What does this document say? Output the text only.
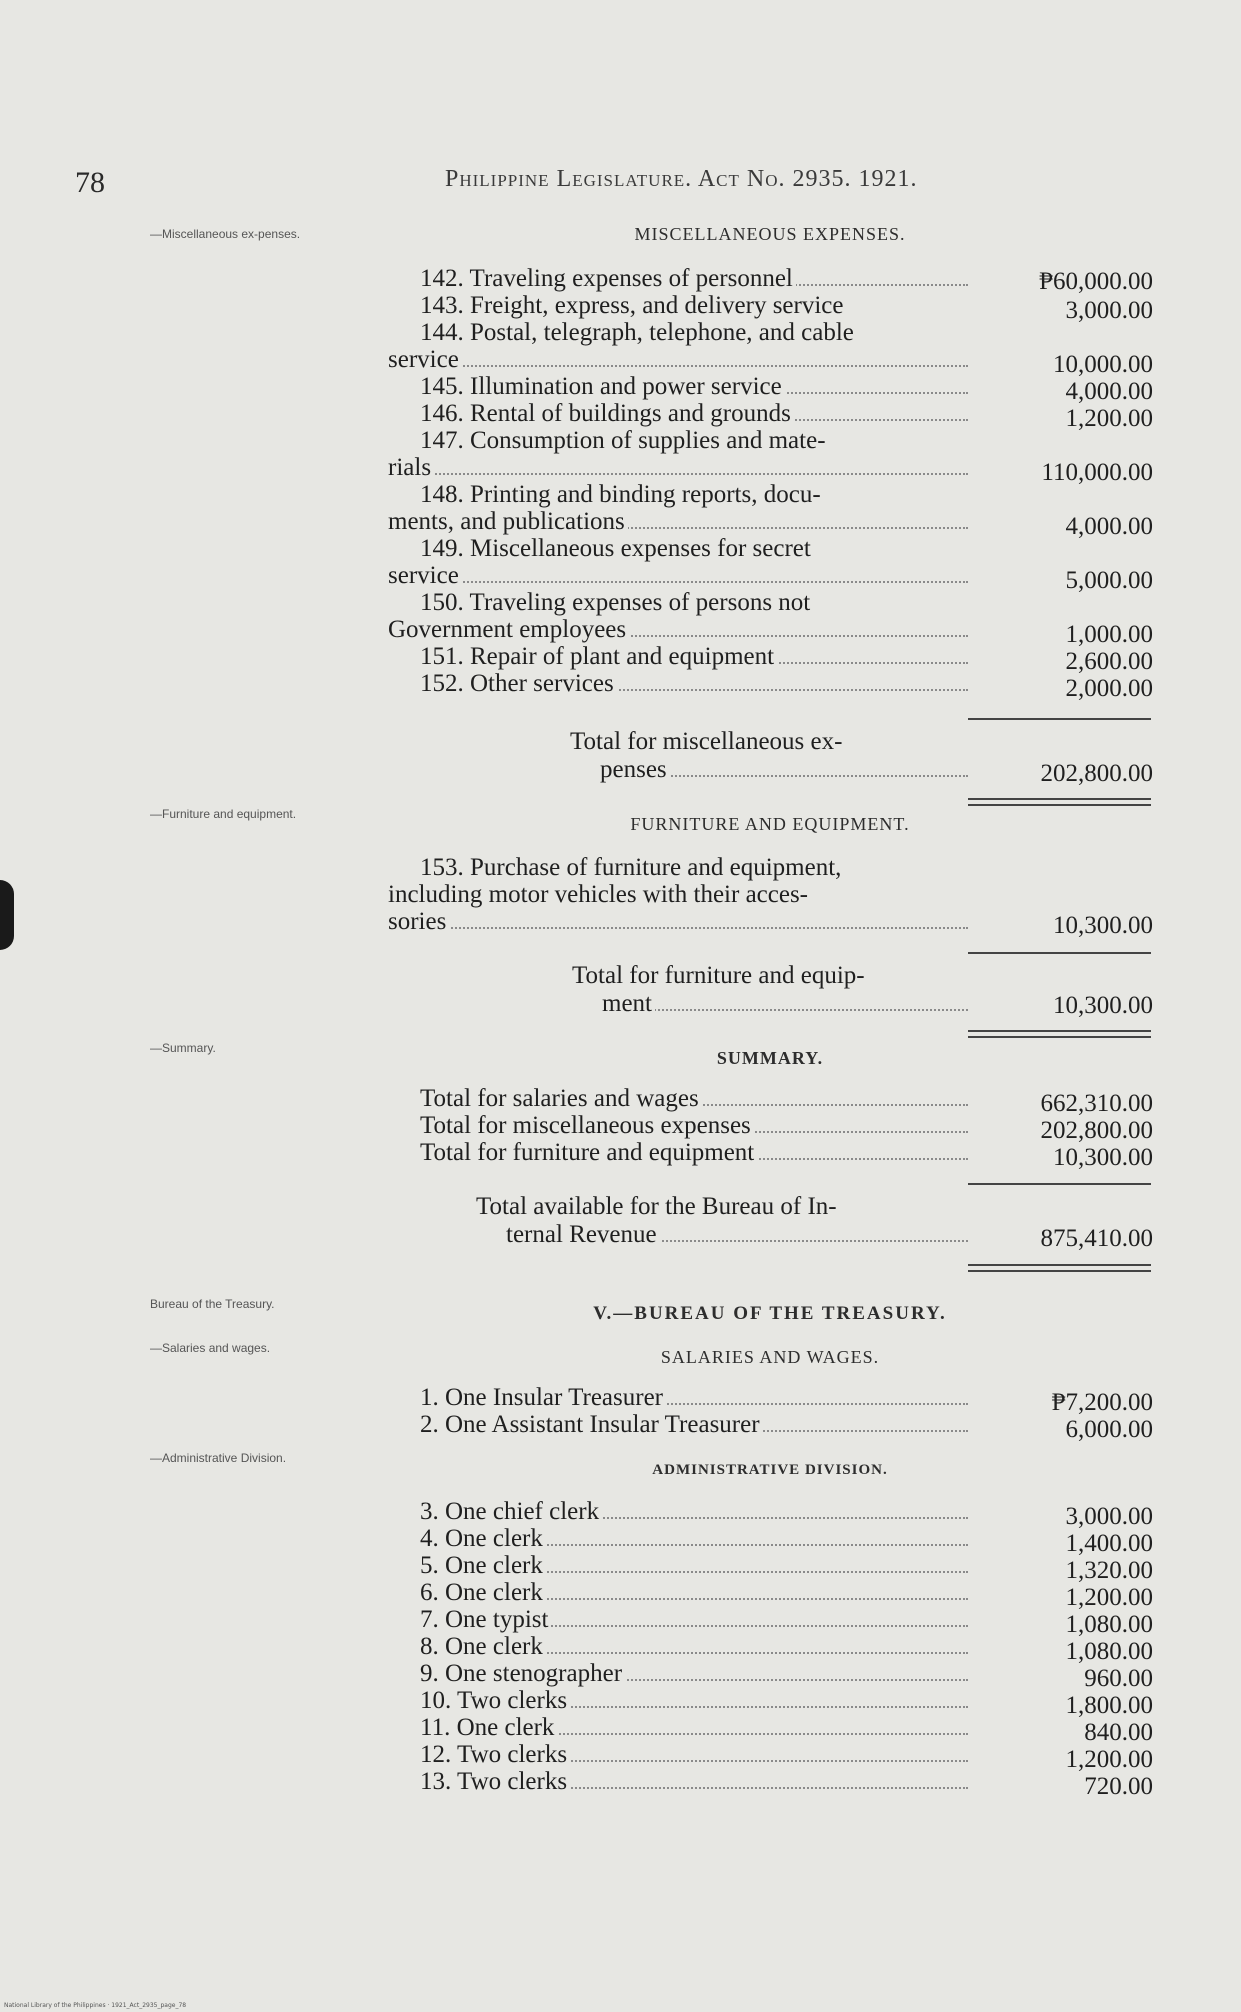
78	Philippine Legislature. Act No. 2935. 1921.
—Miscellaneous ex-penses.	MISCELLANEOUS EXPENSES.
142. Traveling expenses of personnel	₱60,000.00
143. Freight, express, and delivery service	3,000.00
144. Postal, telegraph, telephone, and cable
service	10,000.00
145. Illumination and power service	4,000.00
146. Rental of buildings and grounds	1,200.00
147. Consumption of supplies and mate-
rials	110,000.00
148. Printing and binding reports, docu-
ments, and publications	4,000.00
149. Miscellaneous expenses for secret
service	5,000.00
150. Traveling expenses of persons not
Government employees	1,000.00
151. Repair of plant and equipment	2,600.00
152. Other services	2,000.00
Total for miscellaneous ex-
penses	202,800.00
—Furniture and equipment.	FURNITURE AND EQUIPMENT.
153. Purchase of furniture and equipment,
including motor vehicles with their acces-
sories	10,300.00
Total for furniture and equip-
ment	10,300.00
—Summary.	SUMMARY.
Total for salaries and wages	662,310.00
Total for miscellaneous expenses	202,800.00
Total for furniture and equipment	10,300.00
Total available for the Bureau of In-
ternal Revenue	875,410.00
Bureau of the Treasury.	V.—BUREAU OF THE TREASURY.
—Salaries and wages.	SALARIES AND WAGES.
1. One Insular Treasurer	₱7,200.00
2. One Assistant Insular Treasurer	6,000.00
—Administrative Division.
ADMINISTRATIVE DIVISION.
3. One chief clerk	3,000.00
4. One clerk	1,400.00
5. One clerk	1,320.00
6. One clerk	1,200.00
7. One typist	1,080.00
8. One clerk	1,080.00
9. One stenographer	960.00
10. Two clerks	1,800.00
11. One clerk	840.00
12. Two clerks	1,200.00
13. Two clerks	720.00
National Library of the Philippines · 1921_Act_2935_page_78
